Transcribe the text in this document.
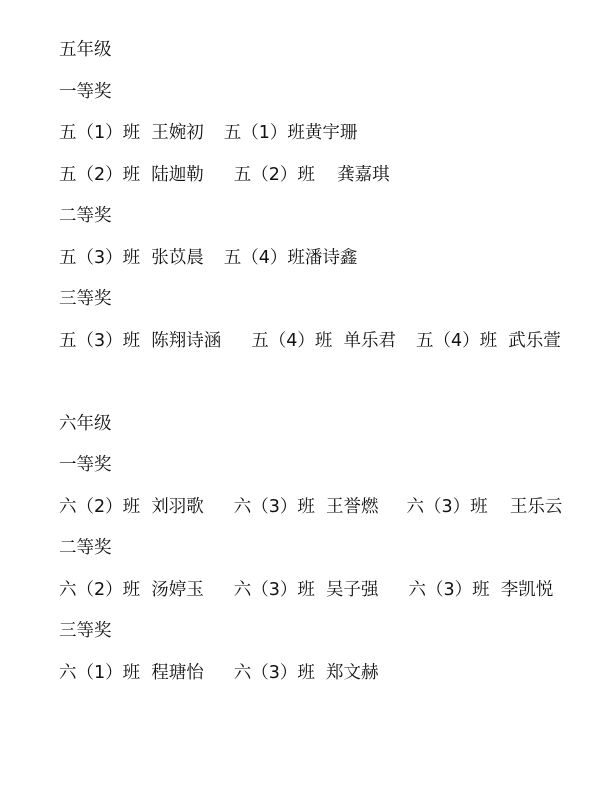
五年级
一等奖
五（1）班  王婉初 五（1）班黄宇珊
五（2）班  陆迦勒 五（2）班    龚嘉琪
二等奖
五（3）班  张苡晨 五（4）班潘诗鑫
三等奖
五（3）班  陈翔诗涵 五（4）班  单乐君 五（4）班  武乐萱
六年级
一等奖
六（2）班  刘羽歌 六（3）班  王誉燃 六（3）班    王乐云
二等奖
六（2）班  汤婷玉 六（3）班  吴子强 六（3）班  李凯悦
三等奖
六（1）班  程瑭怡 六（3）班  郑文赫
